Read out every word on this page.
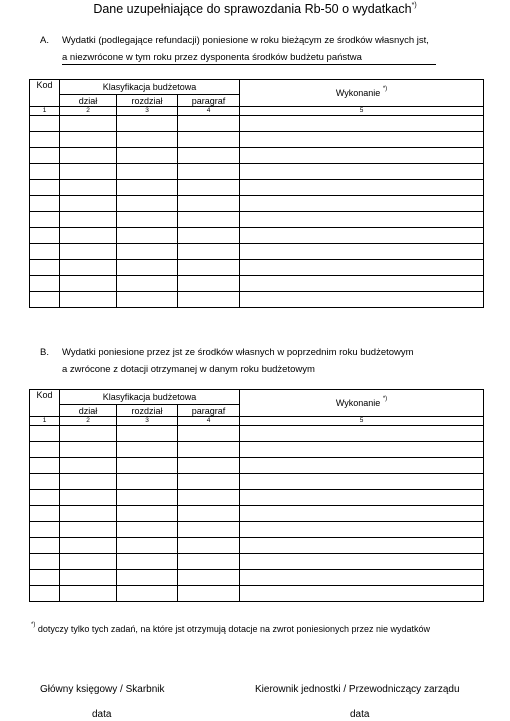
Dane uzupełniające do sprawozdania Rb-50 o wydatkach*)
A. Wydatki (podlegające refundacji) poniesione w roku bieżącym ze środków własnych jst,
a niezwrócone w tym roku przez dysponenta środków budżetu państwa
Kod	Klasyfikacja budżetowa			Wykonanie *)
	dział	rozdział	paragraf	
1	2	3	4	5

B. Wydatki poniesione przez jst ze środków własnych w poprzednim roku budżetowym
a zwrócone z dotacji otrzymanej w danym roku budżetowym
Kod	Klasyfikacja budżetowa			Wykonanie *)
	dział	rozdział	paragraf	
1	2	3	4	5

*) dotyczy tylko tych zadań, na które jst otrzymują dotacje na zwrot poniesionych przez nie wydatków
Główny księgowy / Skarbnik
data
Kierownik jednostki / Przewodniczący zarządu
data
